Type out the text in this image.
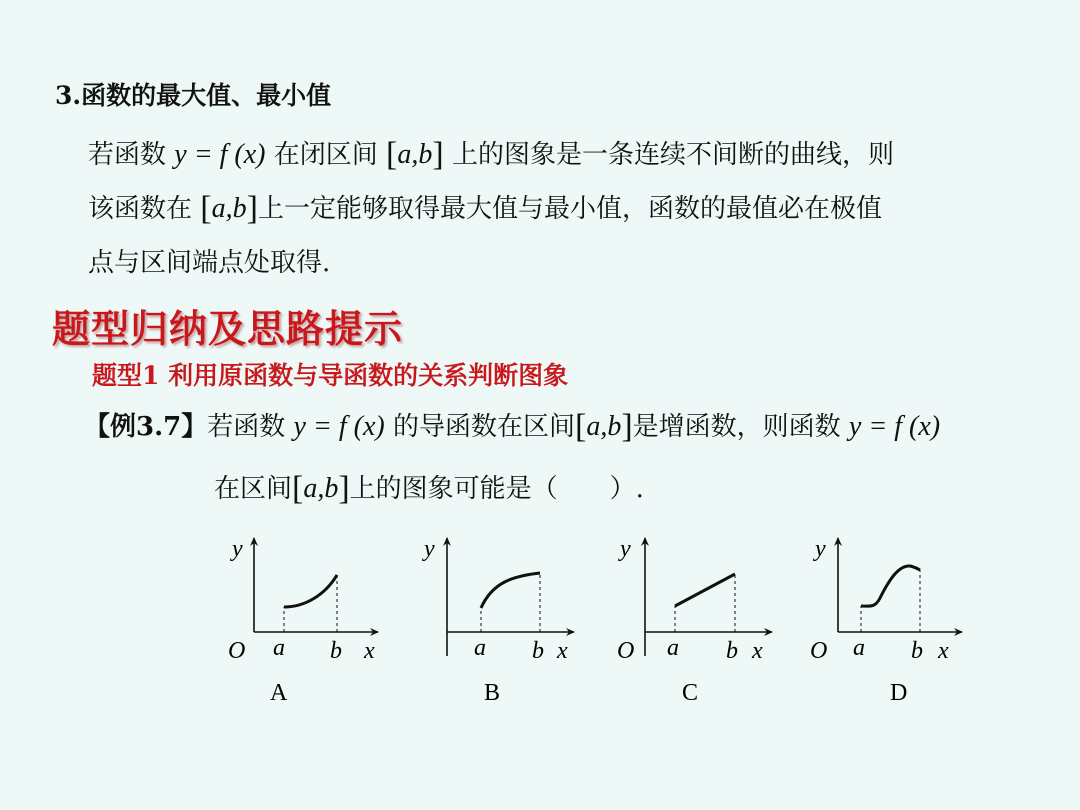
3.函数的最大值、最小值
若函数 y = f (x) 在闭区间 [a,b] 上的图象是一条连续不间断的曲线，则
该函数在 [a,b]上一定能够取得最大值与最小值，函数的最值必在极值
点与区间端点处取得.
题型归纳及思路提示
题型1 利用原函数与导函数的关系判断图象
【例3.7】若函数 y = f (x) 的导函数在区间[a,b]是增函数，则函数 y = f (x)
在区间[a,b]上的图象可能是（　　）.
y
O a b x
A
y
a b x
B
y
O a b x
C
y
O a b x
D
